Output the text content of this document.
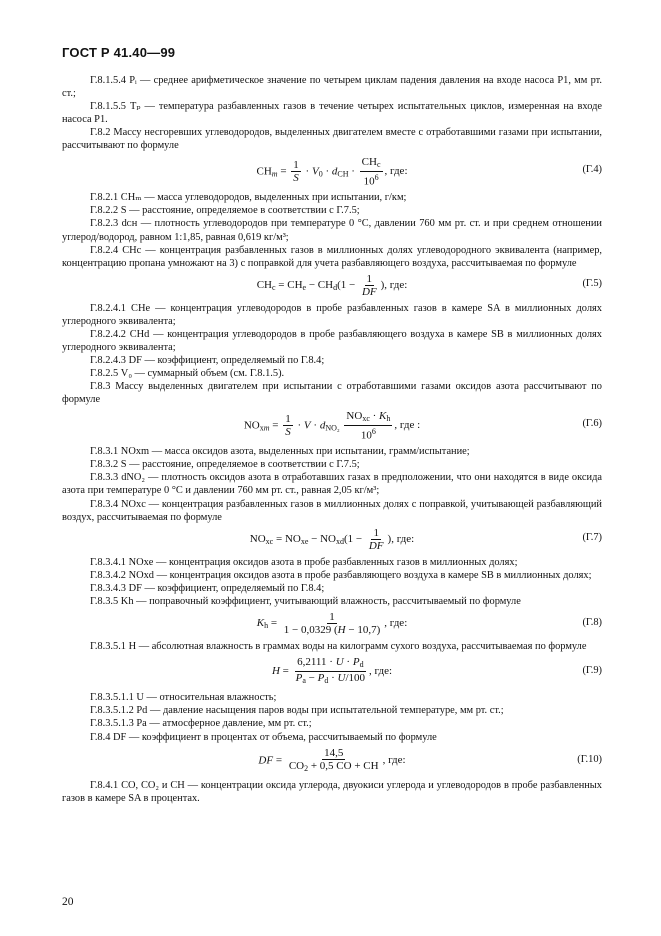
ГОСТ Р 41.40—99

Г.8.1.5.4 Pᵢ — среднее арифметическое значение по четырем циклам падения давления на входе насоса P1, мм рт. ст.;

Г.8.1.5.5 Tₚ — температура разбавленных газов в течение четырех испытательных циклов, измеренная на входе насоса P1.

Г.8.2 Массу несгоревших углеводородов, выделенных двигателем вместе с отработавшими газами при испытании, рассчитывают по формуле

$CH_m = \frac{1}{S} \cdot V_0 \cdot d_{CH} \cdot \frac{CH_c}{10^6}$ , где:	(Г.4)

Г.8.2.1 CHₘ — масса углеводородов, выделенных при испытании, г/км;

Г.8.2.2 S — расстояние, определяемое в соответствии с Г.7.5;

Г.8.2.3 dᴄʜ — плотность углеводородов при температуре 0 °С, давлении 760 мм рт. ст. и при среднем отношении углерод/водород, равном 1:1,85, равная 0,619 кг/м³;

Г.8.2.4 CHc — концентрация разбавленных газов в миллионных долях углеводородного эквивалента (например, концентрацию пропана умножают на 3) с поправкой для учета разбавляющего воздуха, рассчитываемая по формуле

$CH_c = CH_e - CH_d(1 - \frac{1}{DF}$ ) , где:	(Г.5)

Г.8.2.4.1 CHe — концентрация углеводородов в пробе разбавленных газов в камере SA в миллионных долях углеродного эквивалента;

Г.8.2.4.2 CHd — концентрация углеводородов в пробе разбавляющего воздуха в камере SB в миллионных долях углеродного эквивалента;

Г.8.2.4.3 DF — коэффициент, определяемый по Г.8.4;

Г.8.2.5 V₀ — суммарный объем (см. Г.8.1.5).

Г.8.3 Массу выделенных двигателем при испытании с отработавшими газами оксидов азота рассчитывают по формуле

$NO_{xm} = \frac{1}{S} \cdot V \cdot d_{NO_2} \frac{NO_{xc} \cdot K_h}{10^6}$ , где :	(Г.6)

Г.8.3.1 NOxm — масса оксидов азота, выделенных при испытании, грамм/испытание;

Г.8.3.2 S — расстояние, определяемое в соответствии с Г.7.5;

Г.8.3.3 dNO₂ — плотность оксидов азота в отработавших газах в предположении, что они находятся в виде оксида азота при температуре 0 °С и давлении 760 мм рт. ст., равная 2,05 кг/м³;

Г.8.3.4 NOxc — концентрация разбавленных газов в миллионных долях с поправкой, учитывающей разбавляющий воздух, рассчитываемая по формуле

$NO_{xc} = NO_{xe} - NO_{xd}(1 - \frac{1}{DF}$ ) , где:	(Г.7)

Г.8.3.4.1 NOxe — концентрация оксидов азота в пробе разбавленных газов в миллионных долях;

Г.8.3.4.2 NOxd — концентрация оксидов азота в пробе разбавляющего воздуха в камере SB в миллионных долях;

Г.8.3.4.3 DF — коэффициент, определяемый по Г.8.4;

Г.8.3.5 Kh — поправочный коэффициент, учитывающий влажность, рассчитываемый по формуле

$K_h = \frac{1}{1 - 0,0329 (H - 10,7)}$ , где:	(Г.8)

Г.8.3.5.1 H — абсолютная влажность в граммах воды на килограмм сухого воздуха, рассчитываемая по формуле

$H = \frac{6,2111 \cdot U \cdot P_d}{P_a - P_d \cdot U/100}$ , где:	(Г.9)

Г.8.3.5.1.1 U — относительная влажность;

Г.8.3.5.1.2 Pd — давление насыщения паров воды при испытательной температуре, мм рт. ст.;

Г.8.3.5.1.3 Pa — атмосферное давление, мм рт. ст.;

Г.8.4 DF — коэффициент в процентах от объема, рассчитываемый по формуле

DF = $\frac{14,5}{CO_2 + 0,5 CO + CH}$ , где:	(Г.10)

Г.8.4.1 CO, CO₂ и CH — концентрации оксида углерода, двуокиси углерода и углеводородов в пробе разбавленных газов в камере SA в процентах.

20
